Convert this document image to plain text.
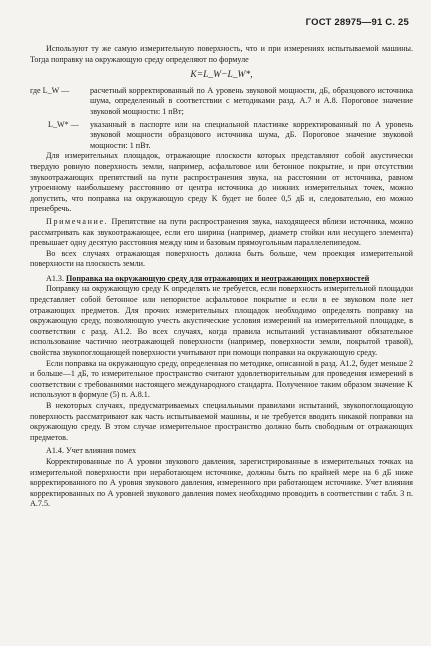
ГОСТ 28975—91 С. 25

Используют ту же самую измерительную поверхность, что и при измерениях испытываемой машины. Тогда поправку на окружающую среду определяют по формуле

K=L_W−L_W*,
где L_W —	расчетный корректированный по А уровень звуковой мощности, дБ, образцового источника шума, определенный в соответствии с методиками разд. А.7 и А.8. Пороговое значение звуковой мощности: 1 пВт;
L_W* —	указанный в паспорте или на специальной пластинке корректированный по А уровень звуковой мощности образцового источника шума, дБ. Пороговое значение звуковой мощности: 1 пВт.

Для измерительных площадок, отражающие плоскости которых представляют собой акустически твердую ровную поверхность земли, например, асфальтовое или бетонное покрытие, и при отсутствии звукоотражающих препятствий на пути распространения звука, на расстоянии от источника, равном утроенному наибольшему расстоянию от центра источника до нижних измерительных точек, можно допустить, что поправка на окружающую среду K будет не более 0,5 дБ и, следовательно, ею можно пренебречь.

Примечание. Препятствие на пути распространения звука, находящееся вблизи источника, можно рассматривать как звукоотражающее, если его ширина (например, диаметр стойки или несущего элемента) превышает одну десятую расстояния между ним и базовым прямоугольным параллелепипедом.

Во всех случаях отражающая поверхность должна быть больше, чем проекция измерительной поверхности на плоскость земли.

А1.3. Поправка на окружающую среду для отражающих и неотражающих поверхностей

Поправку на окружающую среду K определять не требуется, если поверхность измерительной площадки представляет собой бетонное или непористое асфальтовое покрытие и если в ее звуковом поле нет отражающих предметов. Для прочих измерительных площадок необходимо определять поправку на окружающую среду, позволяющую учесть акустические условия измерений на измерительной площадке, в соответствии с разд. А1.2. Во всех случаях, когда правила испытаний устанавливают обязательное использование частично неотражающей поверхности (например, поверхности земли, покрытой травой), свойства звукопоглощающей поверхности учитывают при помощи поправки на окружающую среду.

Если поправка на окружающую среду, определенная по методике, описанной в разд. А1.2, будет меньше 2 и больше—1 дБ, то измерительное пространство считают удовлетворительным для проведения измерений в соответствии с требованиями настоящего международного стандарта. Полученное таким образом значение K используют в формуле (5) п. А.8.1.

В некоторых случаях, предусматриваемых специальными правилами испытаний, звукопоглощающую поверхность рассматривают как часть испытываемой машины, и не требуется вводить никакой поправки на окружающую среду. В этом случае измерительное пространство должно быть свободным от отражающих предметов.

А1.4. Учет влияния помех

Корректированные по А уровни звукового давления, зарегистрированные в измерительных точках на измерительной поверхности при неработающем источнике, должны быть по крайней мере на 6 дБ ниже корректированного по А уровня звукового давления, измеренного при работающем источнике. Учет влияния корректированных по А уровней звукового давления помех необходимо проводить в соответствии с табл. 3 п. А.7.5.
